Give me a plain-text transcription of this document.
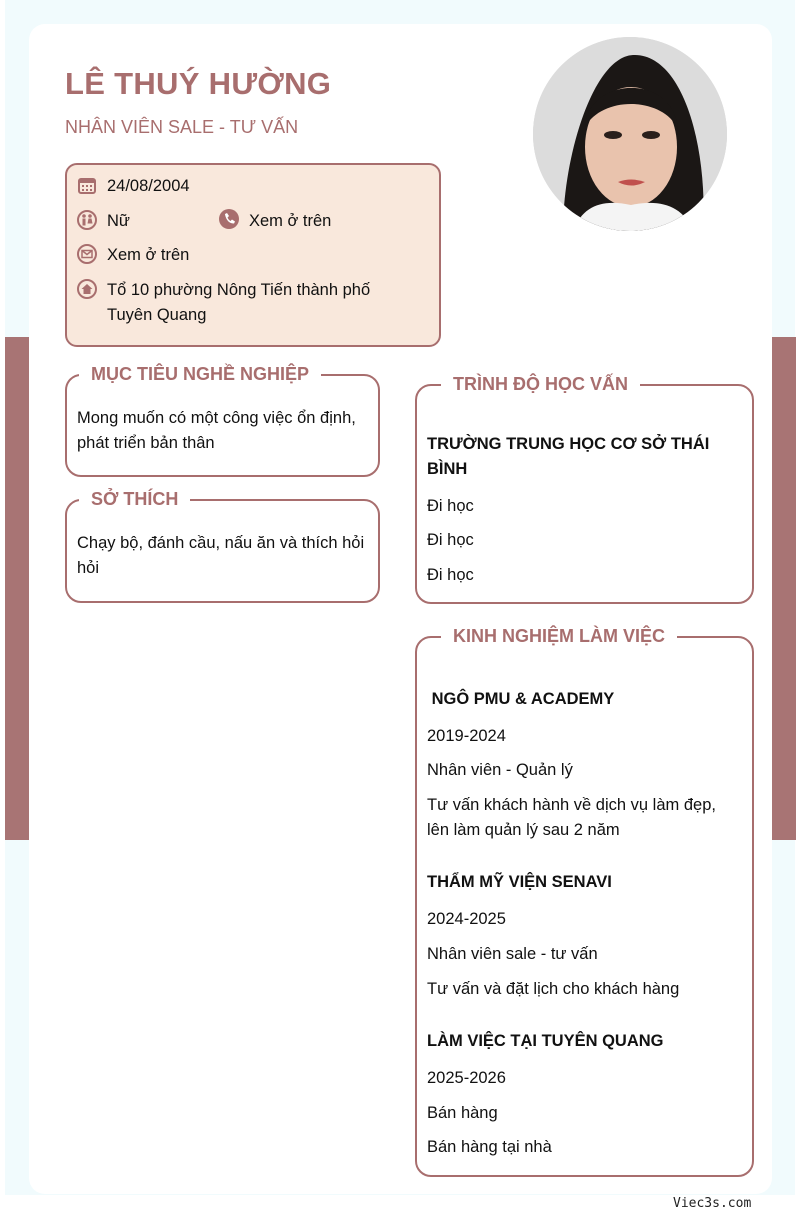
LÊ THUÝ HƯỜNG
NHÂN VIÊN SALE - TƯ VẤN
24/08/2004
Nữ	Xem ở trên
Xem ở trên
Tổ 10 phường Nông Tiến thành phố
Tuyên Quang
MỤC TIÊU NGHỀ NGHIỆP
Mong muốn có một công việc ổn định,
phát triển bản thân
SỞ THÍCH
Chạy bộ, đánh cầu, nấu ăn và thích hỏi
hỏi
TRÌNH ĐỘ HỌC VẤN
TRƯỜNG TRUNG HỌC CƠ SỞ THÁI
BÌNH
Đi học
Đi học
Đi học
KINH NGHIỆM LÀM VIỆC
NGÔ PMU & ACADEMY
2019-2024
Nhân viên - Quản lý
Tư vấn khách hành về dịch vụ làm đẹp,
lên làm quản lý sau 2 năm
THẨM MỸ VIỆN SENAVI
2024-2025
Nhân viên sale - tư vấn
Tư vấn và đặt lịch cho khách hàng
LÀM VIỆC TẠI TUYÊN QUANG
2025-2026
Bán hàng
Bán hàng tại nhà
Viec3s.com
